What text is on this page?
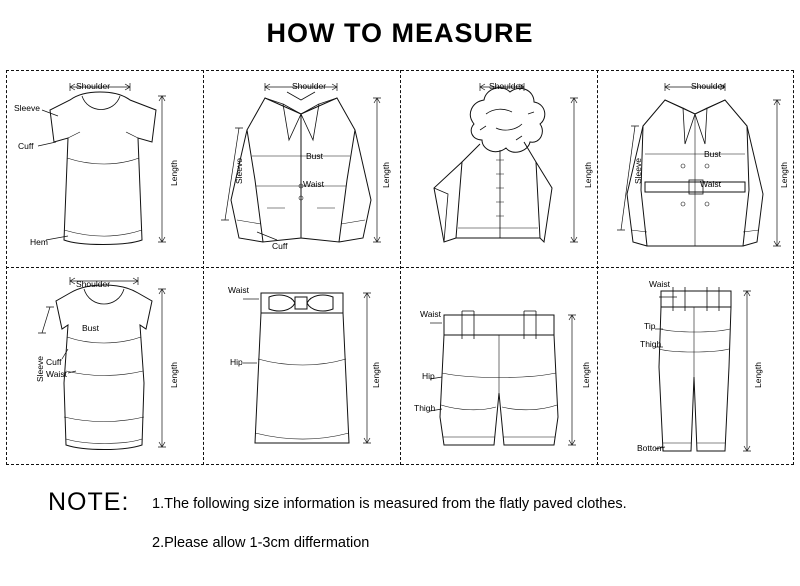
HOW TO MEASURE
Shoulder
Sleeve
Cuff
Length
Hem
Shoulder
Sleeve
Bust
Waist	Length
Cuff
Shoulder
Length
Shoulder
Sleeve
Bust
Waist	Length
Shoulder
Sleeve
Bust
Cuff
Waist	Length
Waist
Hip	Length
Waist
Hip
Thigh
Length
Waist
Tip
Thigh
Length
Bottom
NOTE: 1.The following size information is measured from the flatly paved clothes.
2.Please allow 1-3cm differmation
